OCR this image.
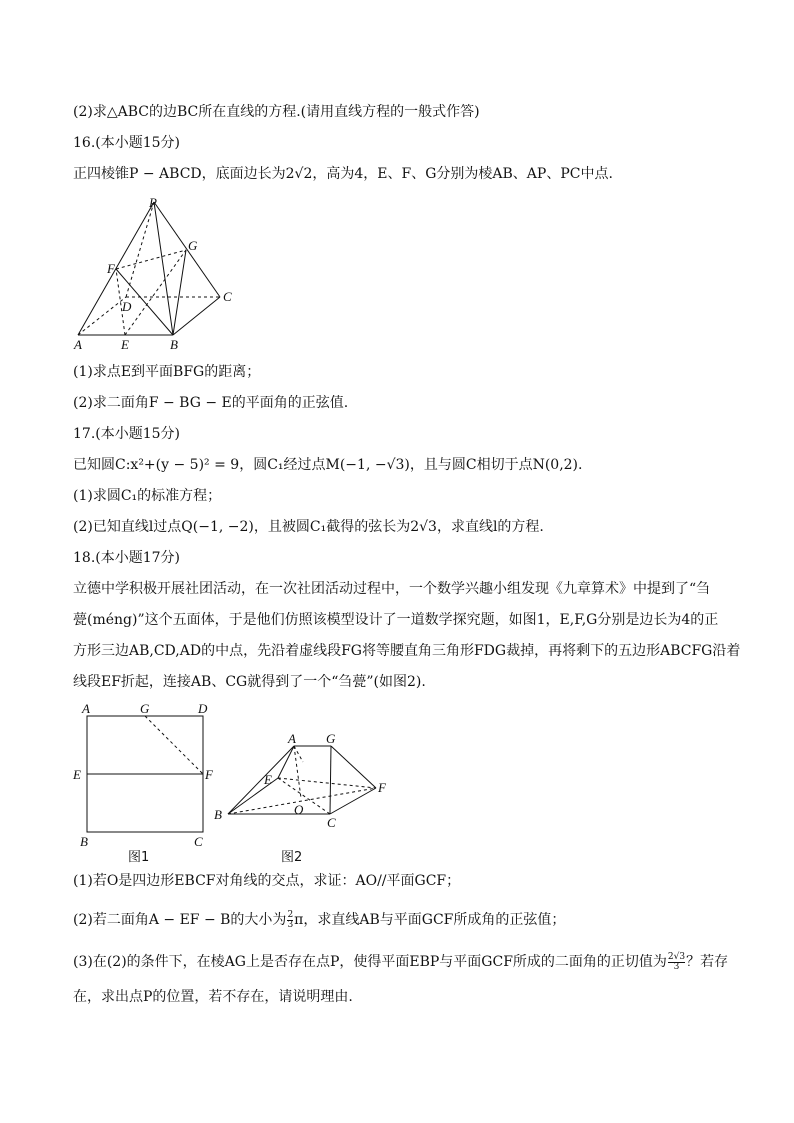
(2)求△ABC的边BC所在直线的方程.(请用直线方程的一般式作答)
16.(本小题15分)
正四棱锥P − ABCD，底面边长为2√2，高为4，E、F、G分别为棱AB、AP、PC中点.
P
G
F
D
C
A	E	B
(1)求点E到平面BFG的距离；
(2)求二面角F − BG − E的平面角的正弦值.
17.(本小题15分)
已知圆C:x²+(y − 5)² = 9，圆C₁经过点M(−1, −√3)，且与圆C相切于点N(0,2).
(1)求圆C₁的标准方程；
(2)已知直线l过点Q(−1, −2)，且被圆C₁截得的弦长为2√3，求直线l的方程.
18.(本小题17分)
立德中学积极开展社团活动，在一次社团活动过程中，一个数学兴趣小组发现《九章算术》中提到了“刍
甍(méng)”这个五面体，于是他们仿照该模型设计了一道数学探究题，如图1，E,F,G分别是边长为4的正
方形三边AB,CD,AD的中点，先沿着虚线段FG将等腰直角三角形FDG裁掉，再将剩下的五边形ABCFG沿着
线段EF折起，连接AB、CG就得到了一个“刍甍”(如图2).
A	G	D
E	F
B	C
图1
A G
E
F
B	O
C
图2
(1)若O是四边形EBCF对角线的交点，求证：AO//平面GCF；
(2)若二面角A − EF − B的大小为 $\frac{2}{3}$ π，求直线AB与平面GCF所成角的正弦值；
(3)在(2)的条件下，在棱AG上是否存在点P，使得平面EBP与平面GCF所成的二面角的正切值为 $\frac{2√3}{3}$ ？若存
在，求出点P的位置，若不存在，请说明理由.
